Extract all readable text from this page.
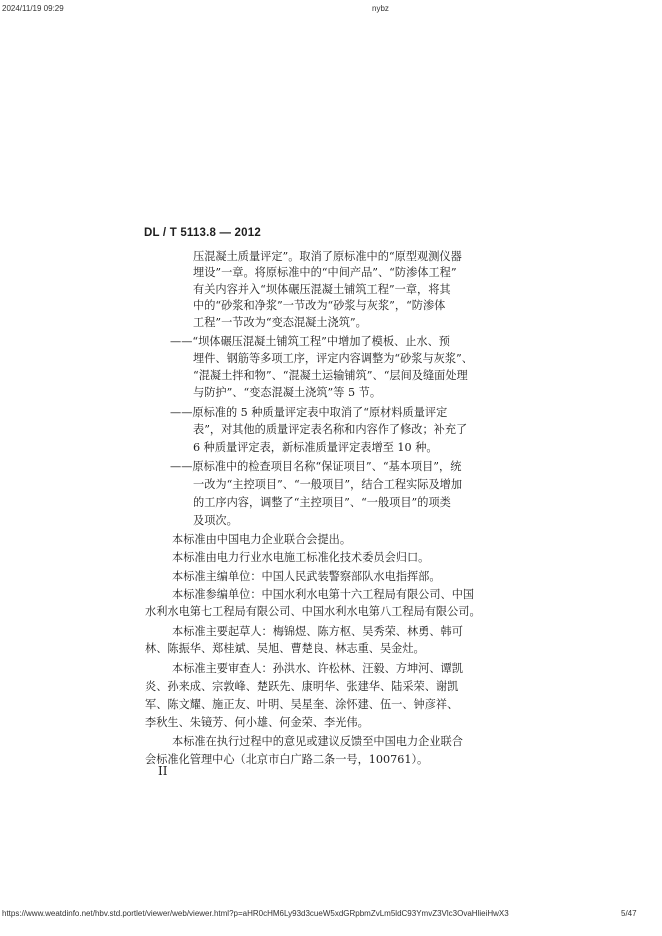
2024/11/19 09:29	nybz
DL / T 5113.8 — 2012
压混凝土质量评定”。取消了原标准中的“原型观测仪器
埋设”一章。将原标准中的“中间产品”、“防渗体工程”
有关内容并入“坝体碾压混凝土铺筑工程”一章，将其
中的“砂浆和净浆”一节改为“砂浆与灰浆”，“防渗体
工程”一节改为“变态混凝土浇筑”。
——“坝体碾压混凝土铺筑工程”中增加了模板、止水、预
埋件、钢筋等多项工序，评定内容调整为“砂浆与灰浆”、
“混凝土拌和物”、“混凝土运输铺筑”、“层间及缝面处理
与防护”、“变态混凝土浇筑”等 5 节。
——原标准的 5 种质量评定表中取消了“原材料质量评定
表”，对其他的质量评定表名称和内容作了修改；补充了
6 种质量评定表，新标准质量评定表增至 10 种。
——原标准中的检查项目名称“保证项目”、“基本项目”，统
一改为“主控项目”、“一般项目”，结合工程实际及增加
的工序内容，调整了“主控项目”、“一般项目”的项类
及项次。
本标准由中国电力企业联合会提出。
本标准由电力行业水电施工标准化技术委员会归口。
本标准主编单位：中国人民武装警察部队水电指挥部。
本标准参编单位：中国水利水电第十六工程局有限公司、中国
水利水电第七工程局有限公司、中国水利水电第八工程局有限公司。
本标准主要起草人：梅锦煜、陈方枢、吴秀荣、林勇、韩可
林、陈振华、郑桂斌、吴旭、曹楚良、林志重、吴金灶。
本标准主要审查人：孙洪水、许松林、汪毅、方坤河、谭凯
炎、孙来成、宗敦峰、楚跃先、康明华、张建华、陆采荣、谢凯
军、陈文耀、施正友、叶明、吴星奎、涂怀建、伍一、钟彦祥、
李秋生、朱镜芳、何小雄、何金荣、李光伟。
本标准在执行过程中的意见或建议反馈至中国电力企业联合
会标准化管理中心（北京市白广路二条一号，100761）。
II
https://www.weatdinfo.net/hbv.std.portlet/viewer/web/viewer.html?p=aHR0cHM6Ly93d3cueW5xdGRpbmZvLm5ldC93YmvZ3Vlc3OvaHlieiHwX3	5/47
